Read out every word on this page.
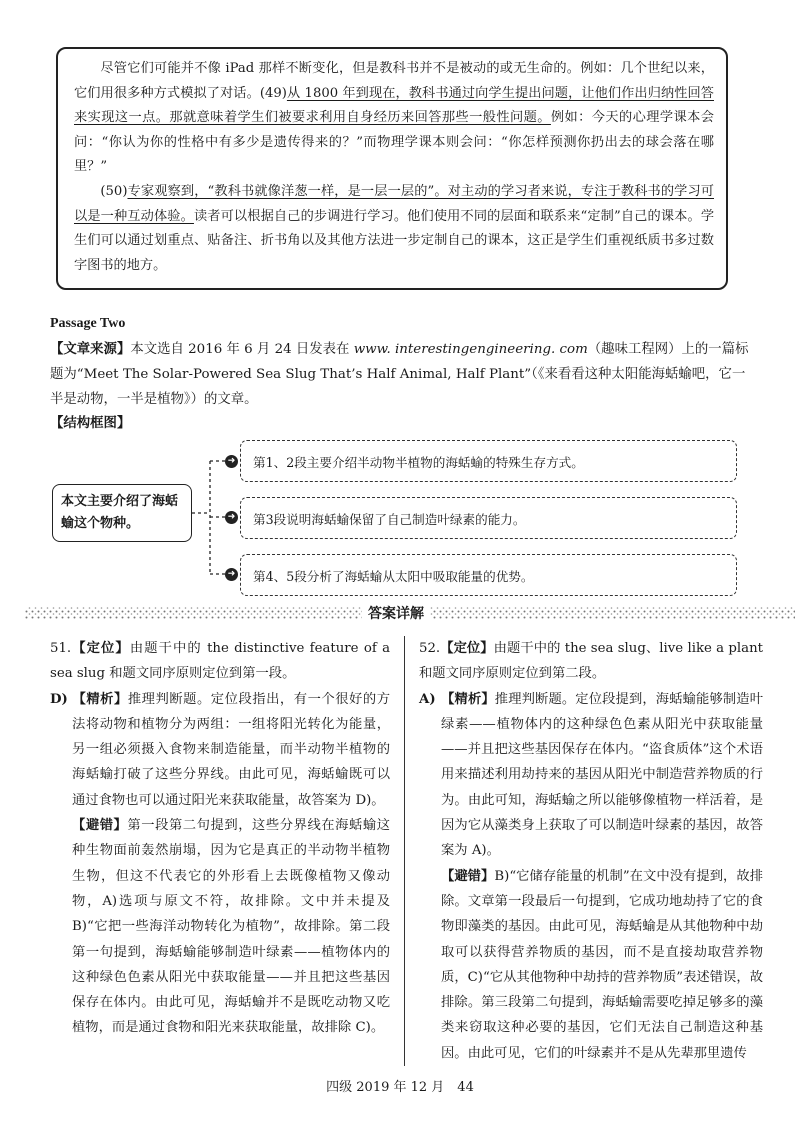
尽管它们可能并不像 iPad 那样不断变化，但是教科书并不是被动的或无生命的。例如：几个世纪以来，它们用很多种方式模拟了对话。(49)从 1800 年到现在，教科书通过向学生提出问题，让他们作出归纳性回答来实现这一点。那就意味着学生们被要求利用自身经历来回答那些一般性问题。例如：今天的心理学课本会问：“你认为你的性格中有多少是遗传得来的？”而物理学课本则会问：“你怎样预测你扔出去的球会落在哪里？”

(50)专家观察到，“教科书就像洋葱一样，是一层一层的”。对主动的学习者来说，专注于教科书的学习可以是一种互动体验。读者可以根据自己的步调进行学习。他们使用不同的层面和联系来“定制”自己的课本。学生们可以通过划重点、贴备注、折书角以及其他方法进一步定制自己的课本，这正是学生们重视纸质书多过数字图书的地方。

Passage Two
【文章来源】本文选自 2016 年 6 月 24 日发表在 www. interestingengineering. com（趣味工程网）上的一篇标题为“Meet The Solar-Powered Sea Slug That’s Half Animal, Half Plant”（《来看看这种太阳能海蛞蝓吧，它一半是动物，一半是植物》）的文章。
【结构框图】
➜
➜
➜
本文主要介绍了海蛞蝓这个物种。
第1、2段主要介绍半动物半植物的海蛞蝓的特殊生存方式。
第3段说明海蛞蝓保留了自己制造叶绿素的能力。
第4、5段分析了海蛞蝓从太阳中吸取能量的优势。
答案详解
51.【定位】由题干中的 the distinctive feature of a sea slug 和题文同序原则定位到第一段。
D) 【精析】推理判断题。定位段指出，有一个很好的方法将动物和植物分为两组：一组将阳光转化为能量，另一组必须摄入食物来制造能量，而半动物半植物的海蛞蝓打破了这些分界线。由此可见，海蛞蝓既可以通过食物也可以通过阳光来获取能量，故答案为 D)。
【避错】第一段第二句提到，这些分界线在海蛞蝓这种生物面前轰然崩塌，因为它是真正的半动物半植物生物，但这不代表它的外形看上去既像植物又像动物，A)选项与原文不符，故排除。文中并未提及 B)“它把一些海洋动物转化为植物”，故排除。第二段第一句提到，海蛞蝓能够制造叶绿素——植物体内的这种绿色色素从阳光中获取能量——并且把这些基因保存在体内。由此可见，海蛞蝓并不是既吃动物又吃植物，而是通过食物和阳光来获取能量，故排除 C)。
52.【定位】由题干中的 the sea slug、live like a plant 和题文同序原则定位到第二段。
A) 【精析】推理判断题。定位段提到，海蛞蝓能够制造叶绿素——植物体内的这种绿色色素从阳光中获取能量——并且把这些基因保存在体内。“盗食质体”这个术语用来描述利用劫持来的基因从阳光中制造营养物质的行为。由此可知，海蛞蝓之所以能够像植物一样活着，是因为它从藻类身上获取了可以制造叶绿素的基因，故答案为 A)。
【避错】B)“它储存能量的机制”在文中没有提到，故排除。文章第一段最后一句提到，它成功地劫持了它的食物即藻类的基因。由此可见，海蛞蝓是从其他物种中劫取可以获得营养物质的基因，而不是直接劫取营养物质，C)“它从其他物种中劫持的营养物质”表述错误，故排除。第三段第二句提到，海蛞蝓需要吃掉足够多的藻类来窃取这种必要的基因，它们无法自己制造这种基因。由此可见，它们的叶绿素并不是从先辈那里遗传
四级 2019 年 12 月　44
